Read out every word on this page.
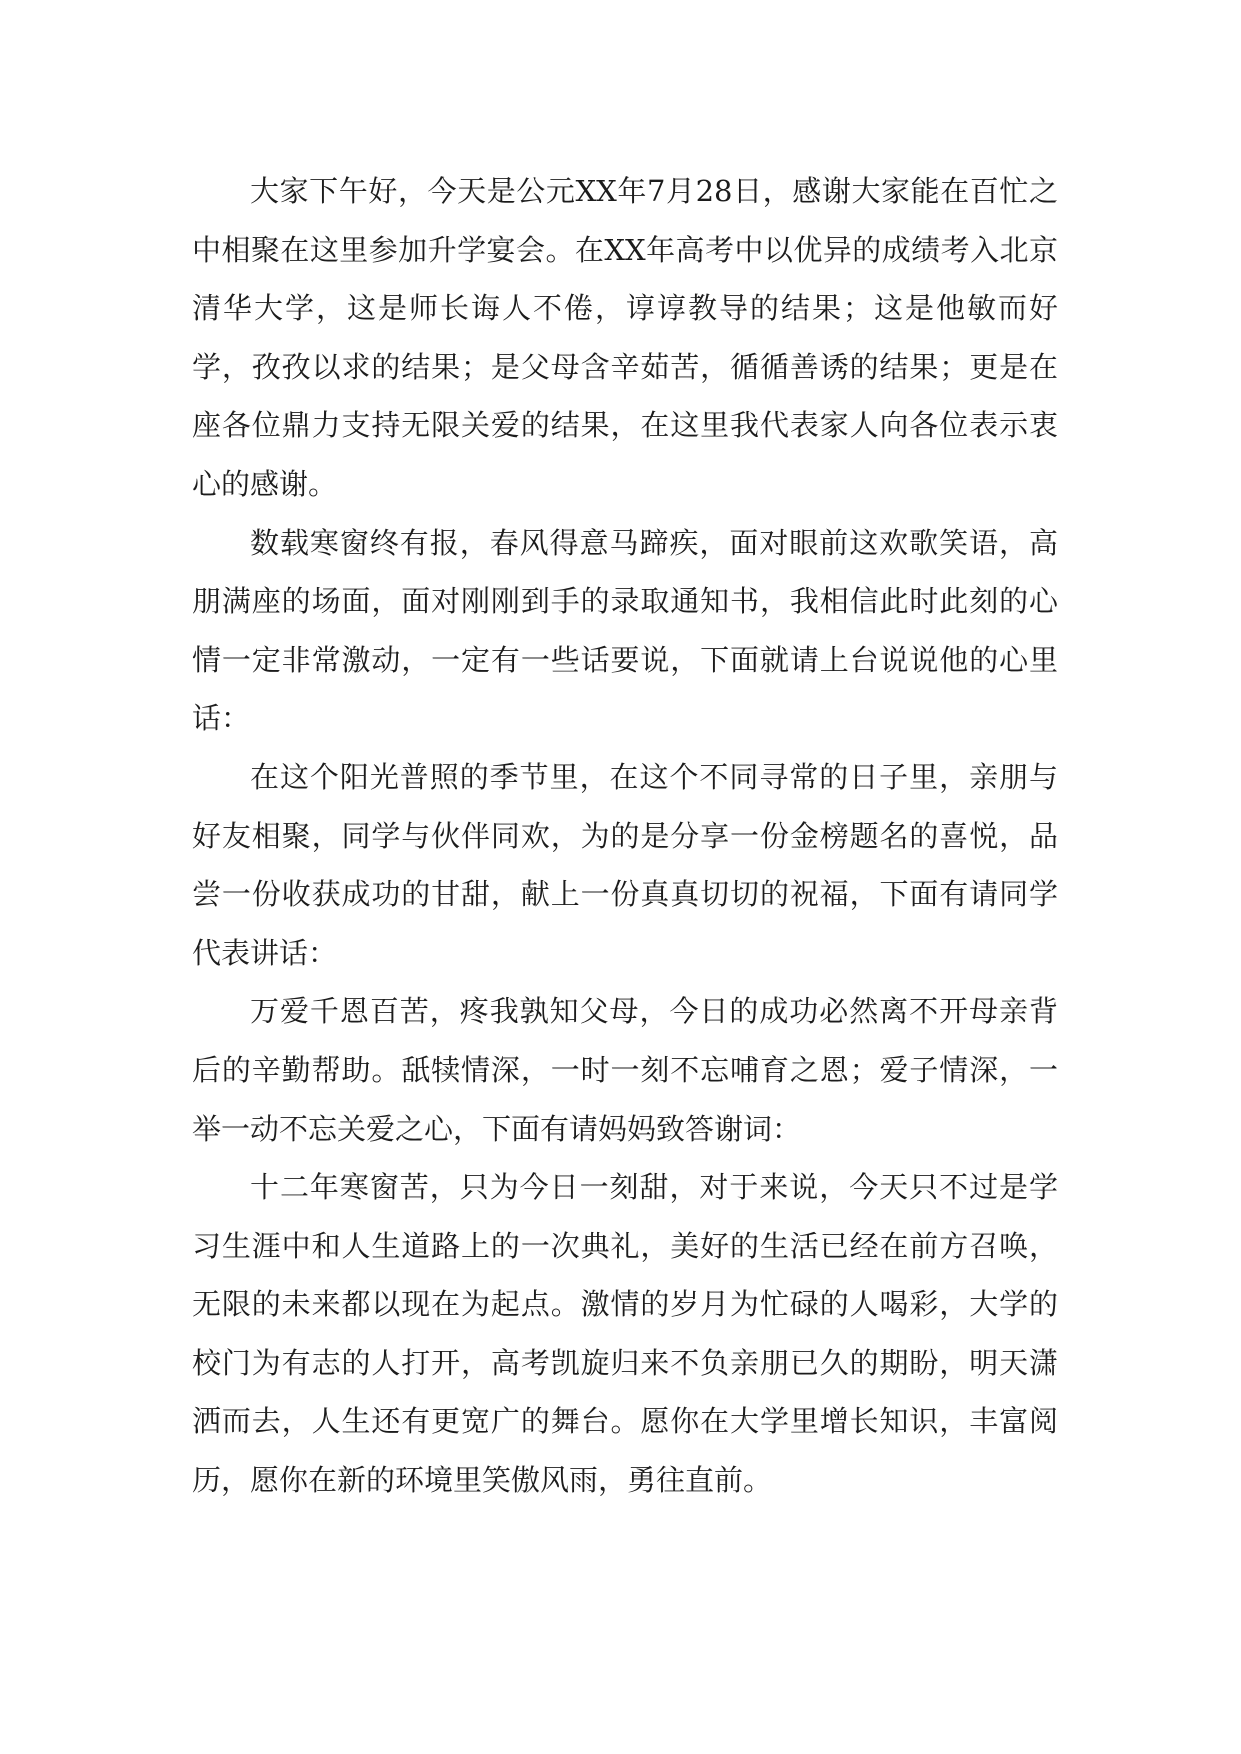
大家下午好，今天是公元XX年7月28日，感谢大家能在百忙之中相聚在这里参加升学宴会。在XX年高考中以优异的成绩考入北京清华大学，这是师长诲人不倦，谆谆教导的结果；这是他敏而好学，孜孜以求的结果；是父母含辛茹苦，循循善诱的结果；更是在座各位鼎力支持无限关爱的结果，在这里我代表家人向各位表示衷心的感谢。

数载寒窗终有报，春风得意马蹄疾，面对眼前这欢歌笑语，高朋满座的场面，面对刚刚到手的录取通知书，我相信此时此刻的心情一定非常激动，一定有一些话要说，下面就请上台说说他的心里话：

在这个阳光普照的季节里，在这个不同寻常的日子里，亲朋与好友相聚，同学与伙伴同欢，为的是分享一份金榜题名的喜悦，品尝一份收获成功的甘甜，献上一份真真切切的祝福，下面有请同学代表讲话：

万爱千恩百苦，疼我孰知父母，今日的成功必然离不开母亲背后的辛勤帮助。舐犊情深，一时一刻不忘哺育之恩；爱子情深，一举一动不忘关爱之心，下面有请妈妈致答谢词：

十二年寒窗苦，只为今日一刻甜，对于来说，今天只不过是学习生涯中和人生道路上的一次典礼，美好的生活已经在前方召唤，无限的未来都以现在为起点。激情的岁月为忙碌的人喝彩，大学的校门为有志的人打开，高考凯旋归来不负亲朋已久的期盼，明天潇洒而去，人生还有更宽广的舞台。愿你在大学里增长知识，丰富阅历，愿你在新的环境里笑傲风雨，勇往直前。
